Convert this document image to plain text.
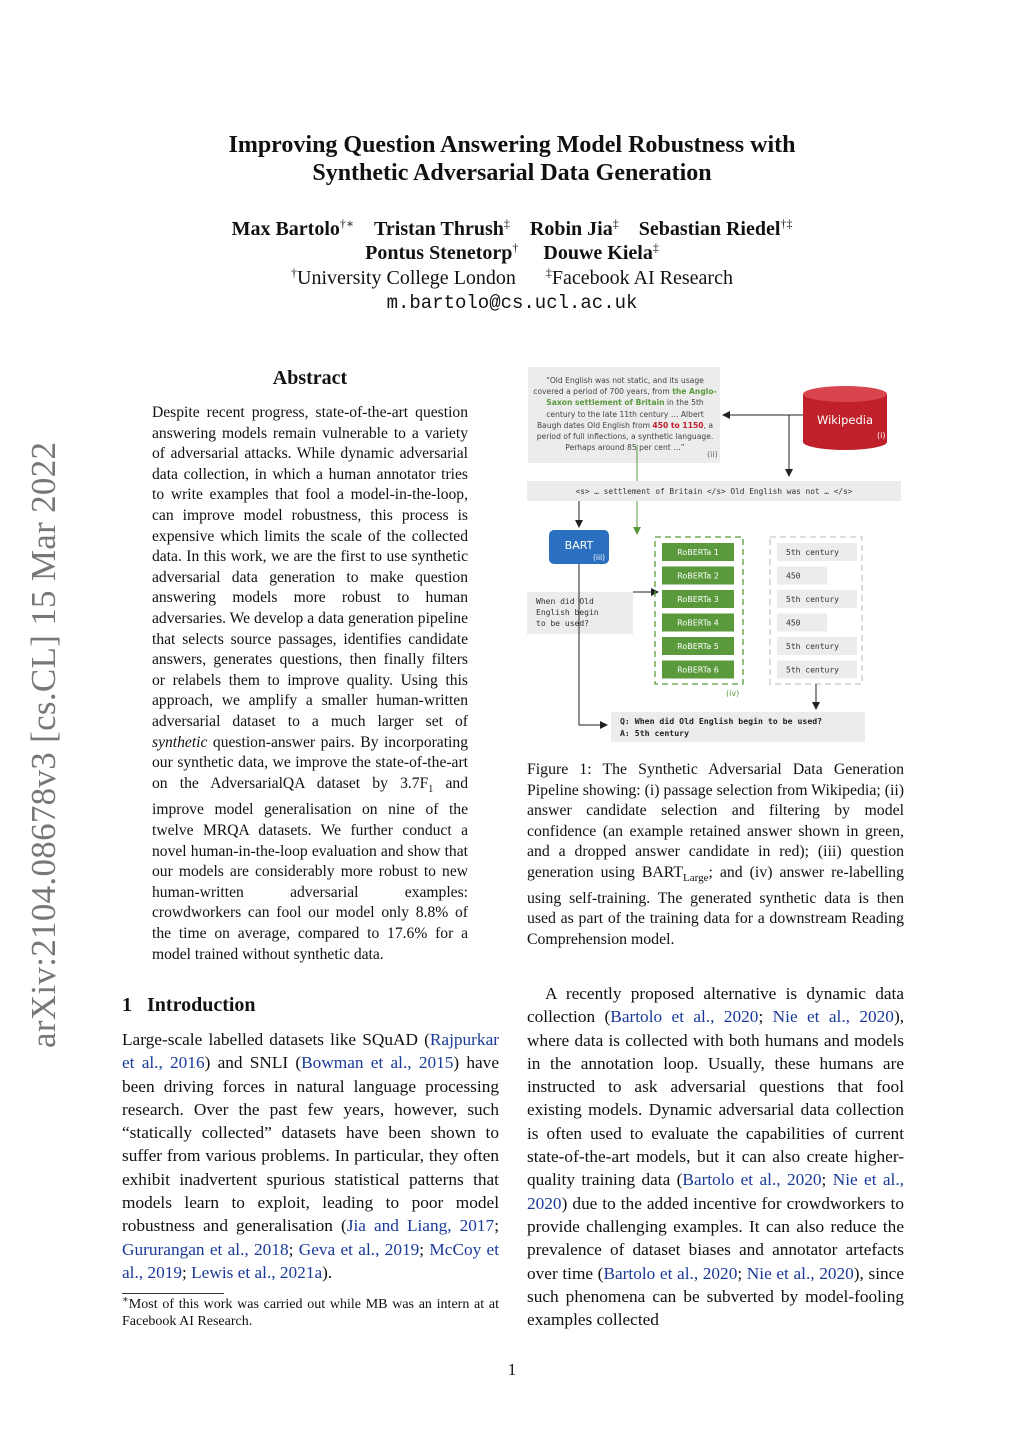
Improving Question Answering Model Robustness with
Synthetic Adversarial Data Generation
Max Bartolo†∗ Tristan Thrush‡ Robin Jia‡ Sebastian Riedel†‡
Pontus Stenetorp† Douwe Kiela‡
†University College London	‡Facebook AI Research
m.bartolo@cs.ucl.ac.uk
arXiv:2104.08678v3 [cs.CL] 15 Mar 2022
Abstract
Despite recent progress, state-of-the-art question answering models remain vulnerable to a variety of adversarial attacks. While dynamic adversarial data collection, in which a human annotator tries to write examples that fool a model-in-the-loop, can improve model robustness, this process is expensive which limits the scale of the collected data. In this work, we are the first to use synthetic adversarial data generation to make question answering models more robust to human adversaries. We develop a data generation pipeline that selects source passages, identifies candidate answers, generates questions, then finally filters or relabels them to improve quality. Using this approach, we amplify a smaller human-written adversarial dataset to a much larger set of synthetic question-answer pairs. By incorporating our synthetic data, we improve the state-of-the-art on the AdversarialQA dataset by $3.7F_1$ and improve model generalisation on nine of the twelve MRQA datasets. We further conduct a novel human-in-the-loop evaluation and show that our models are considerably more robust to new human-written adversarial examples: crowdworkers can fool our model only 8.8% of the time on average, compared to 17.6% for a model trained without synthetic data.
1 Introduction
Large-scale labelled datasets like SQuAD (Rajpurkar et al., 2016) and SNLI (Bowman et al., 2015) have been driving forces in natural language processing research. Over the past few years, however, such “statically collected” datasets have been shown to suffer from various problems. In particular, they often exhibit inadvertent spurious statistical patterns that models learn to exploit, leading to poor model robustness and generalisation (Jia and Liang, 2017; Gururangan et al., 2018; Geva et al., 2019; McCoy et al., 2019; Lewis et al., 2021a).
∗Most of this work was carried out while MB was an intern at at Facebook AI Research.
“Old English was not static, and its usage covered a period of 700 years, from the Anglo-Saxon settlement of Britain in the 5th century to the late 11th century … Albert Baugh dates Old English from 450 to 1150, a period of full inflections, a synthetic language. Perhaps around 85 per cent …”
(ii)
Wikipedia
(i)
<s> … settlement of Britain </s> Old English was not … </s>
BART
(iii)
When did Old English begin to be used?
(iv)
RoBERTa 1
RoBERTa 2
RoBERTa 3
RoBERTa 4
RoBERTa 5
RoBERTa 6
5th century
450
5th century
450
5th century
5th century
Q: When did Old English begin to be used?
A: 5th century
Figure 1: The Synthetic Adversarial Data Generation Pipeline showing: (i) passage selection from Wikipedia; (ii) answer candidate selection and filtering by model confidence (an example retained answer shown in green, and a dropped answer candidate in red); (iii) question generation using $BART_{Large}$; and (iv) answer re-labelling using self-training. The generated synthetic data is then used as part of the training data for a downstream Reading Comprehension model.
A recently proposed alternative is dynamic data collection (Bartolo et al., 2020; Nie et al., 2020), where data is collected with both humans and models in the annotation loop. Usually, these humans are instructed to ask adversarial questions that fool existing models. Dynamic adversarial data collection is often used to evaluate the capabilities of current state-of-the-art models, but it can also create higher-quality training data (Bartolo et al., 2020; Nie et al., 2020) due to the added incentive for crowdworkers to provide challenging examples. It can also reduce the prevalence of dataset biases and annotator artefacts over time (Bartolo et al., 2020; Nie et al., 2020), since such phenomena can be subverted by model-fooling examples collected
1
